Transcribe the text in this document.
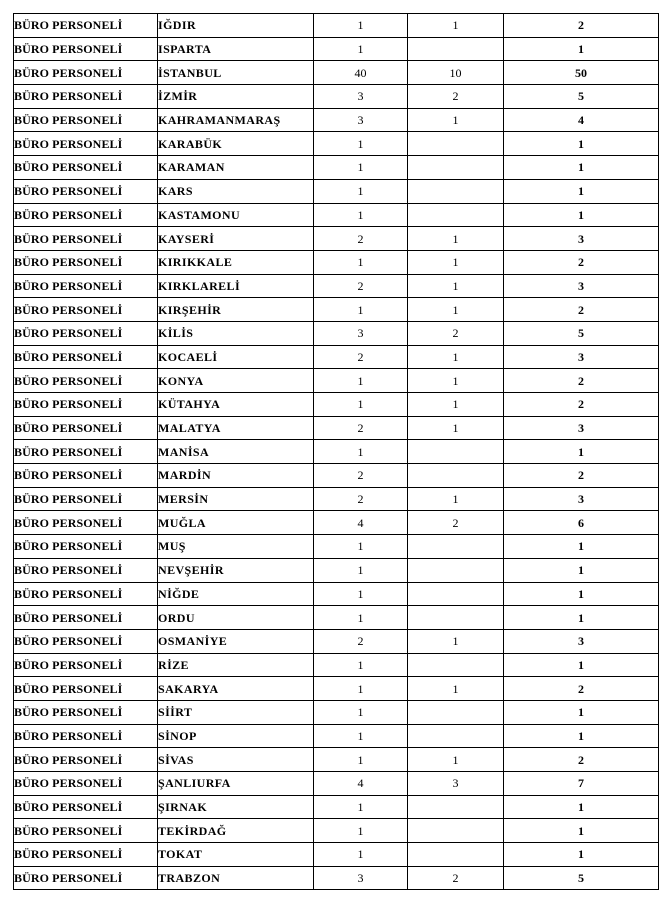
BÜRO PERSONELİ	IĞDIR	1	1	2
BÜRO PERSONELİ	ISPARTA	1		1
BÜRO PERSONELİ	İSTANBUL	40	10	50
BÜRO PERSONELİ	İZMİR	3	2	5
BÜRO PERSONELİ	KAHRAMANMARAŞ	3	1	4
BÜRO PERSONELİ	KARABÜK	1		1
BÜRO PERSONELİ	KARAMAN	1		1
BÜRO PERSONELİ	KARS	1		1
BÜRO PERSONELİ	KASTAMONU	1		1
BÜRO PERSONELİ	KAYSERİ	2	1	3
BÜRO PERSONELİ	KIRIKKALE	1	1	2
BÜRO PERSONELİ	KIRKLARELİ	2	1	3
BÜRO PERSONELİ	KIRŞEHİR	1	1	2
BÜRO PERSONELİ	KİLİS	3	2	5
BÜRO PERSONELİ	KOCAELİ	2	1	3
BÜRO PERSONELİ	KONYA	1	1	2
BÜRO PERSONELİ	KÜTAHYA	1	1	2
BÜRO PERSONELİ	MALATYA	2	1	3
BÜRO PERSONELİ	MANİSA	1		1
BÜRO PERSONELİ	MARDİN	2		2
BÜRO PERSONELİ	MERSİN	2	1	3
BÜRO PERSONELİ	MUĞLA	4	2	6
BÜRO PERSONELİ	MUŞ	1		1
BÜRO PERSONELİ	NEVŞEHİR	1		1
BÜRO PERSONELİ	NİĞDE	1		1
BÜRO PERSONELİ	ORDU	1		1
BÜRO PERSONELİ	OSMANİYE	2	1	3
BÜRO PERSONELİ	RİZE	1		1
BÜRO PERSONELİ	SAKARYA	1	1	2
BÜRO PERSONELİ	SİİRT	1		1
BÜRO PERSONELİ	SİNOP	1		1
BÜRO PERSONELİ	SİVAS	1	1	2
BÜRO PERSONELİ	ŞANLIURFA	4	3	7
BÜRO PERSONELİ	ŞIRNAK	1		1
BÜRO PERSONELİ	TEKİRDAĞ	1		1
BÜRO PERSONELİ	TOKAT	1		1
BÜRO PERSONELİ	TRABZON	3	2	5
